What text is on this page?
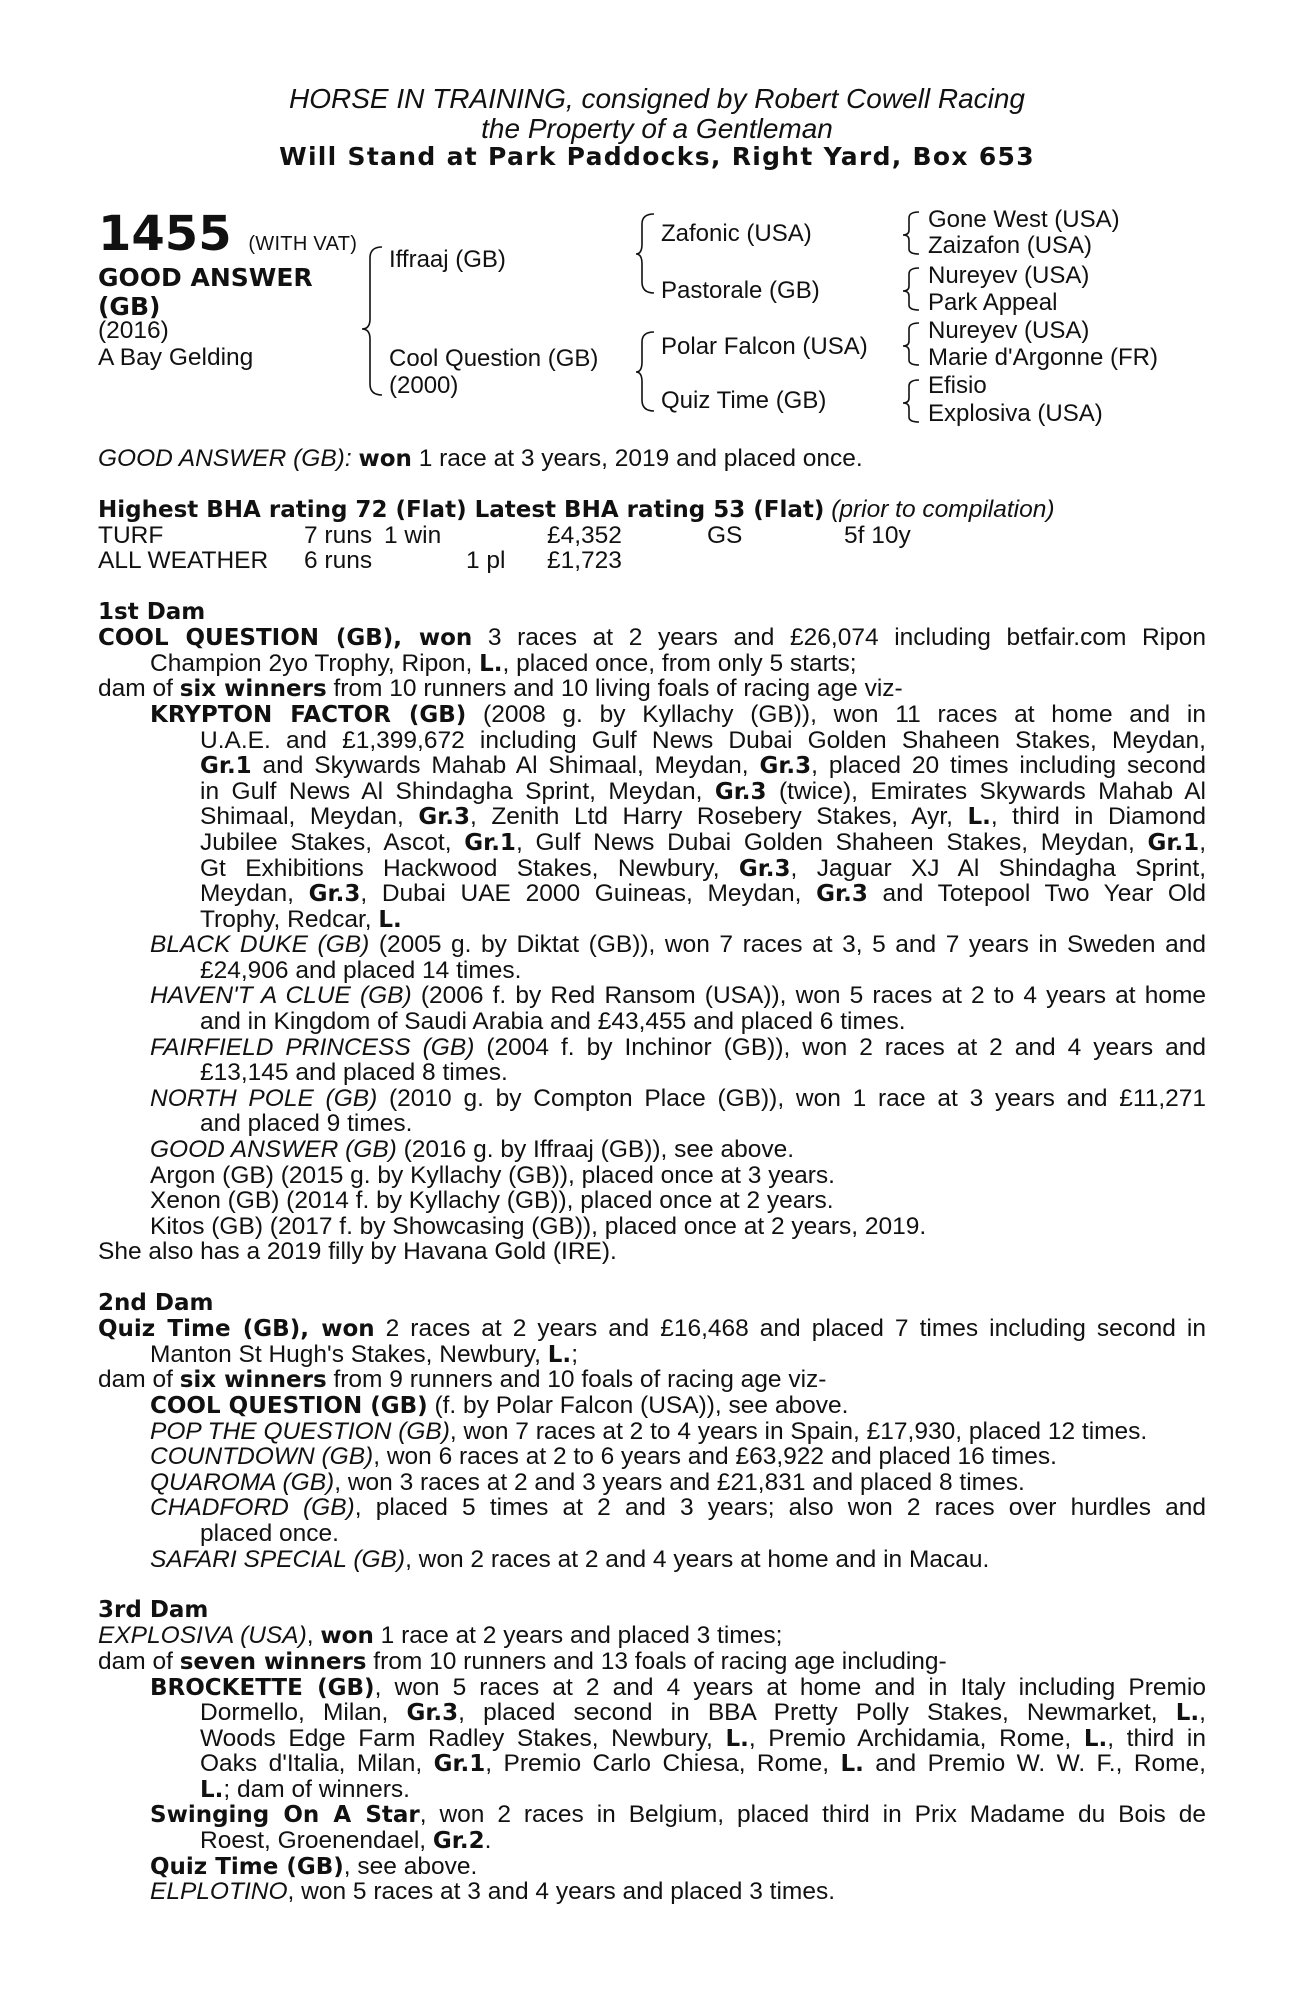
HORSE IN TRAINING, consigned by Robert Cowell Racing
the Property of a Gentleman
Will Stand at Park Paddocks, Right Yard, Box 653
1455 (WITH VAT)
GOOD ANSWER
(GB)
(2016)
A Bay Gelding
Iffraaj (GB)
Cool Question (GB)
(2000)
Zafonic (USA)
Pastorale (GB)
Polar Falcon (USA)
Quiz Time (GB)
Gone West (USA)
Zaizafon (USA)
Nureyev (USA)
Park Appeal
Nureyev (USA)
Marie d'Argonne (FR)
Efisio
Explosiva (USA)
GOOD ANSWER (GB): won 1 race at 3 years, 2019 and placed once.
Highest BHA rating 72 (Flat) Latest BHA rating 53 (Flat) (prior to compilation)
TURF	7 runs 1 win	£4,352	GS	5f 10y
ALL WEATHER 6 runs	1 pl £1,723
1st Dam
COOL QUESTION (GB), won 3 races at 2 years and £26,074 including betfair.com Ripon
Champion 2yo Trophy, Ripon, L., placed once, from only 5 starts;
dam of six winners from 10 runners and 10 living foals of racing age viz-
KRYPTON FACTOR (GB) (2008 g. by Kyllachy (GB)), won 11 races at home and in
U.A.E. and £1,399,672 including Gulf News Dubai Golden Shaheen Stakes, Meydan,
Gr.1 and Skywards Mahab Al Shimaal, Meydan, Gr.3, placed 20 times including second
in Gulf News Al Shindagha Sprint, Meydan, Gr.3 (twice), Emirates Skywards Mahab Al
Shimaal, Meydan, Gr.3, Zenith Ltd Harry Rosebery Stakes, Ayr, L., third in Diamond
Jubilee Stakes, Ascot, Gr.1, Gulf News Dubai Golden Shaheen Stakes, Meydan, Gr.1,
Gt Exhibitions Hackwood Stakes, Newbury, Gr.3, Jaguar XJ Al Shindagha Sprint,
Meydan, Gr.3, Dubai UAE 2000 Guineas, Meydan, Gr.3 and Totepool Two Year Old
Trophy, Redcar, L.
BLACK DUKE (GB) (2005 g. by Diktat (GB)), won 7 races at 3, 5 and 7 years in Sweden and
£24,906 and placed 14 times.
HAVEN'T A CLUE (GB) (2006 f. by Red Ransom (USA)), won 5 races at 2 to 4 years at home
and in Kingdom of Saudi Arabia and £43,455 and placed 6 times.
FAIRFIELD PRINCESS (GB) (2004 f. by Inchinor (GB)), won 2 races at 2 and 4 years and
£13,145 and placed 8 times.
NORTH POLE (GB) (2010 g. by Compton Place (GB)), won 1 race at 3 years and £11,271
and placed 9 times.
GOOD ANSWER (GB) (2016 g. by Iffraaj (GB)), see above.
Argon (GB) (2015 g. by Kyllachy (GB)), placed once at 3 years.
Xenon (GB) (2014 f. by Kyllachy (GB)), placed once at 2 years.
Kitos (GB) (2017 f. by Showcasing (GB)), placed once at 2 years, 2019.
She also has a 2019 filly by Havana Gold (IRE).
2nd Dam
Quiz Time (GB), won 2 races at 2 years and £16,468 and placed 7 times including second in
Manton St Hugh's Stakes, Newbury, L.;
dam of six winners from 9 runners and 10 foals of racing age viz-
COOL QUESTION (GB) (f. by Polar Falcon (USA)), see above.
POP THE QUESTION (GB), won 7 races at 2 to 4 years in Spain, £17,930, placed 12 times.
COUNTDOWN (GB), won 6 races at 2 to 6 years and £63,922 and placed 16 times.
QUAROMA (GB), won 3 races at 2 and 3 years and £21,831 and placed 8 times.
CHADFORD (GB), placed 5 times at 2 and 3 years; also won 2 races over hurdles and
placed once.
SAFARI SPECIAL (GB), won 2 races at 2 and 4 years at home and in Macau.
3rd Dam
EXPLOSIVA (USA), won 1 race at 2 years and placed 3 times;
dam of seven winners from 10 runners and 13 foals of racing age including-
BROCKETTE (GB), won 5 races at 2 and 4 years at home and in Italy including Premio
Dormello, Milan, Gr.3, placed second in BBA Pretty Polly Stakes, Newmarket, L.,
Woods Edge Farm Radley Stakes, Newbury, L., Premio Archidamia, Rome, L., third in
Oaks d'Italia, Milan, Gr.1, Premio Carlo Chiesa, Rome, L. and Premio W. W. F., Rome,
L.; dam of winners.
Swinging On A Star, won 2 races in Belgium, placed third in Prix Madame du Bois de
Roest, Groenendael, Gr.2.
Quiz Time (GB), see above.
ELPLOTINO, won 5 races at 3 and 4 years and placed 3 times.
